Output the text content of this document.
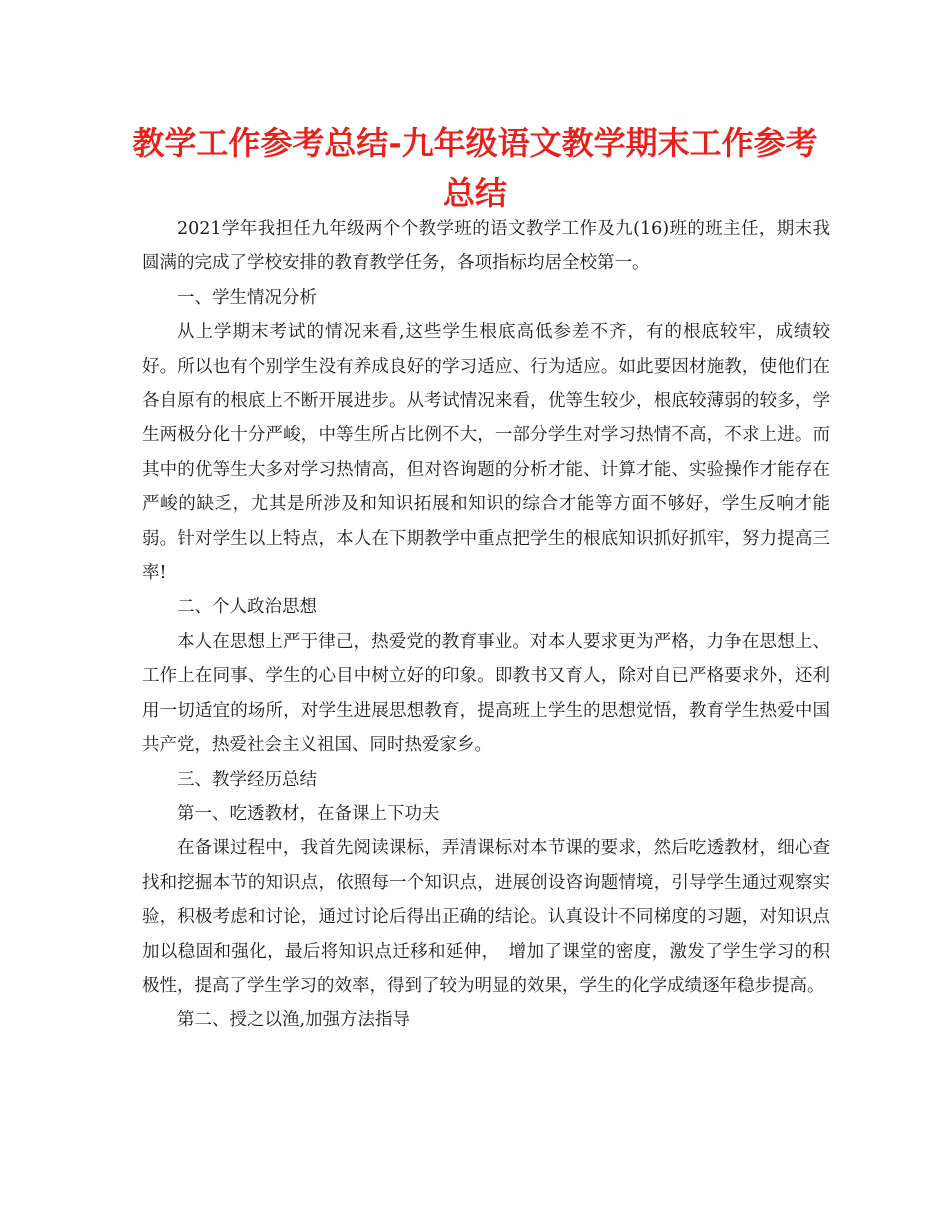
教学工作参考总结-九年级语文教学期末工作参考总结

2021学年我担任九年级两个个教学班的语文教学工作及九(16)班的班主任，期末我圆满的完成了学校安排的教育教学任务，各项指标均居全校第一。

一、学生情况分析

从上学期末考试的情况来看,这些学生根底高低参差不齐，有的根底较牢，成绩较好。所以也有个别学生没有养成良好的学习适应、行为适应。如此要因材施教，使他们在各自原有的根底上不断开展进步。从考试情况来看，优等生较少，根底较薄弱的较多，学生两极分化十分严峻，中等生所占比例不大，一部分学生对学习热情不高，不求上进。而其中的优等生大多对学习热情高，但对咨询题的分析才能、计算才能、实验操作才能存在严峻的缺乏，尤其是所涉及和知识拓展和知识的综合才能等方面不够好，学生反响才能弱。针对学生以上特点，本人在下期教学中重点把学生的根底知识抓好抓牢，努力提高三率!

二、个人政治思想

本人在思想上严于律己，热爱党的教育事业。对本人要求更为严格，力争在思想上、工作上在同事、学生的心目中树立好的印象。即教书又育人，除对自已严格要求外，还利用一切适宜的场所，对学生进展思想教育，提高班上学生的思想觉悟，教育学生热爱中国共产党，热爱社会主义祖国、同时热爱家乡。

三、教学经历总结

第一、吃透教材，在备课上下功夫

在备课过程中，我首先阅读课标，弄清课标对本节课的要求，然后吃透教材，细心查找和挖掘本节的知识点，依照每一个知识点，进展创设咨询题情境，引导学生通过观察实验，积极考虑和讨论，通过讨论后得出正确的结论。认真设计不同梯度的习题，对知识点加以稳固和强化，最后将知识点迁移和延伸，　增加了课堂的密度，激发了学生学习的积极性，提高了学生学习的效率，得到了较为明显的效果，学生的化学成绩逐年稳步提高。

第二、授之以渔,加强方法指导
